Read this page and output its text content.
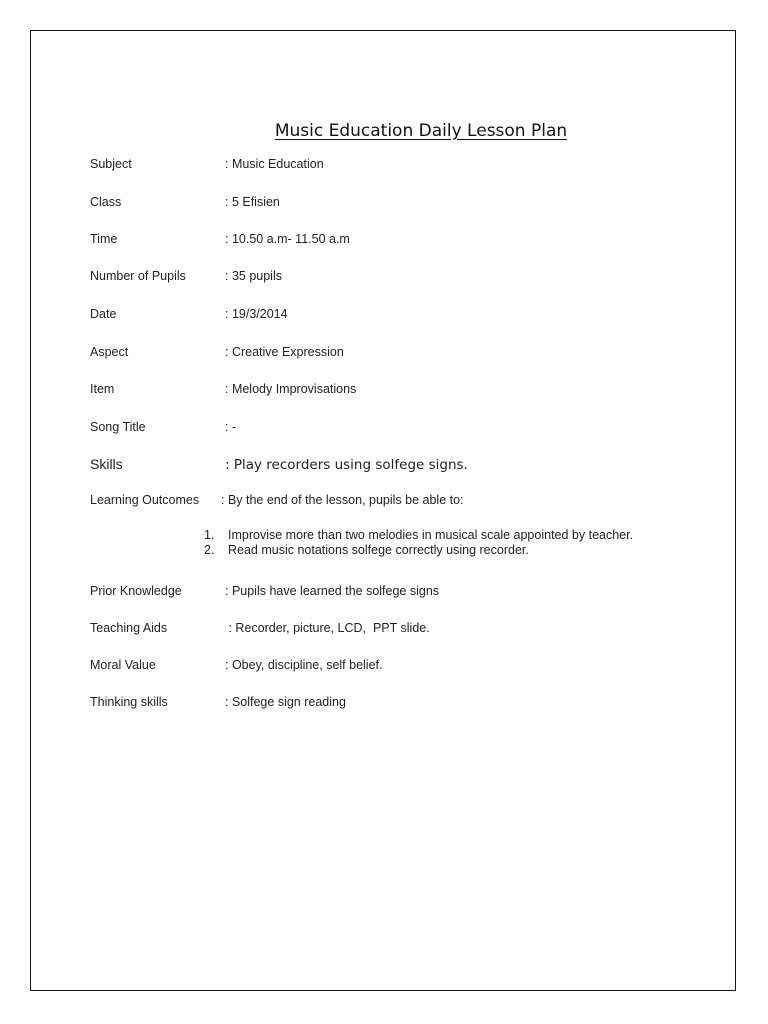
Music Education Daily Lesson Plan
Subject	: Music Education
Class	: 5 Efisien
Time	: 10.50 a.m- 11.50 a.m
Number of Pupils	: 35 pupils
Date	: 19/3/2014
Aspect	: Creative Expression
Item	: Melody Improvisations
Song Title	: -
Skills	: Play recorders using solfege signs.
Learning Outcomes : By the end of the lesson, pupils be able to:
1. Improvise more than two melodies in musical scale appointed by teacher.
2. Read music notations solfege correctly using recorder.
Prior Knowledge	: Pupils have learned the solfege signs
Teaching Aids	: Recorder, picture, LCD,  PPT slide.
Moral Value	: Obey, discipline, self belief.
Thinking skills	: Solfege sign reading
